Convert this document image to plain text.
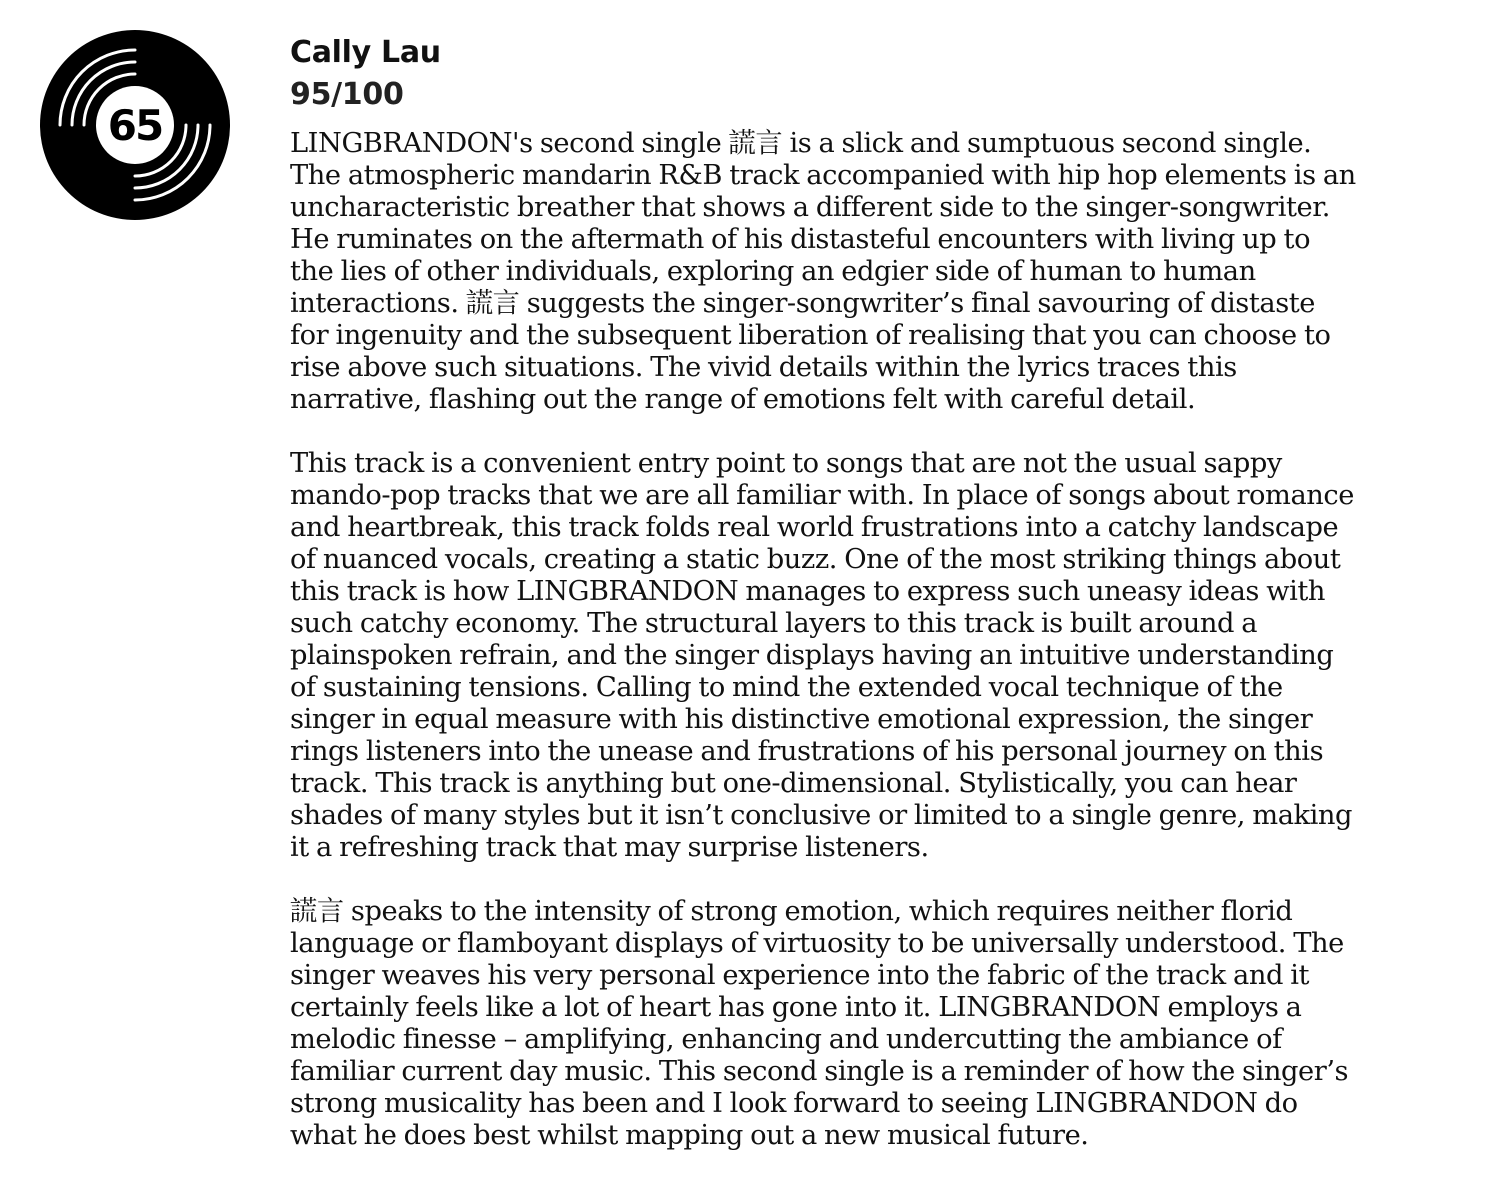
65
Cally Lau
95/100

LINGBRANDON's second single 謊言 is a slick and sumptuous second single.
The atmospheric mandarin R&B track accompanied with hip hop elements is an
uncharacteristic breather that shows a different side to the singer-songwriter.
He ruminates on the aftermath of his distasteful encounters with living up to
the lies of other individuals, exploring an edgier side of human to human
interactions. 謊言 suggests the singer-songwriter’s final savouring of distaste
for ingenuity and the subsequent liberation of realising that you can choose to
rise above such situations. The vivid details within the lyrics traces this
narrative, flashing out the range of emotions felt with careful detail.

This track is a convenient entry point to songs that are not the usual sappy
mando-pop tracks that we are all familiar with. In place of songs about romance
and heartbreak, this track folds real world frustrations into a catchy landscape
of nuanced vocals, creating a static buzz. One of the most striking things about
this track is how LINGBRANDON manages to express such uneasy ideas with
such catchy economy. The structural layers to this track is built around a
plainspoken refrain, and the singer displays having an intuitive understanding
of sustaining tensions. Calling to mind the extended vocal technique of the
singer in equal measure with his distinctive emotional expression, the singer
rings listeners into the unease and frustrations of his personal journey on this
track. This track is anything but one-dimensional. Stylistically, you can hear
shades of many styles but it isn’t conclusive or limited to a single genre, making
it a refreshing track that may surprise listeners.

謊言 speaks to the intensity of strong emotion, which requires neither florid
language or flamboyant displays of virtuosity to be universally understood. The
singer weaves his very personal experience into the fabric of the track and it
certainly feels like a lot of heart has gone into it. LINGBRANDON employs a
melodic finesse – amplifying, enhancing and undercutting the ambiance of
familiar current day music. This second single is a reminder of how the singer’s
strong musicality has been and I look forward to seeing LINGBRANDON do
what he does best whilst mapping out a new musical future.
